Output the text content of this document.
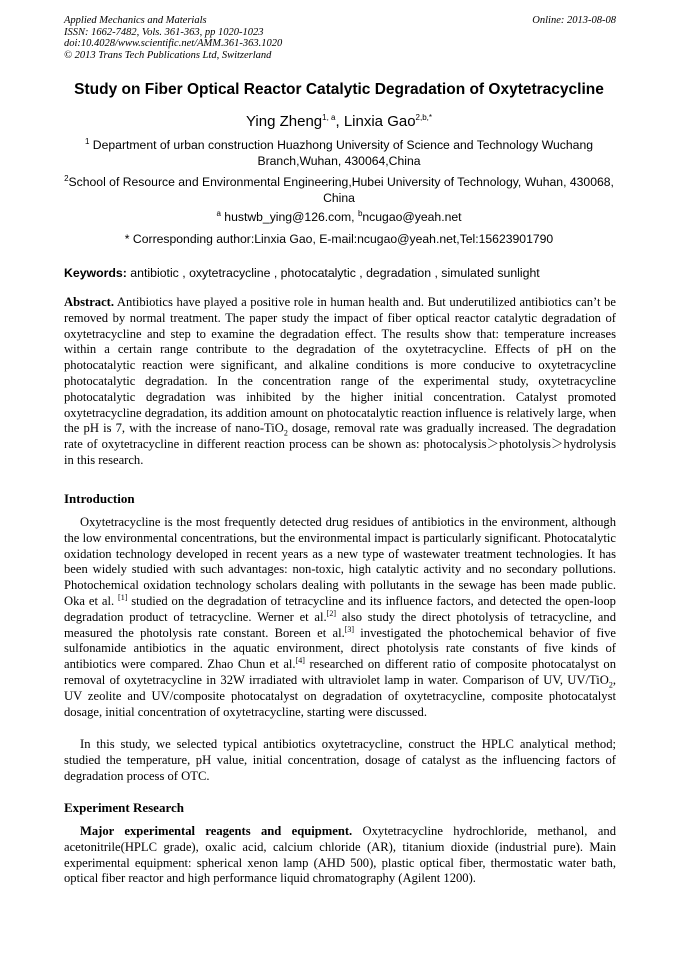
Applied Mechanics and Materials
ISSN: 1662-7482, Vols. 361-363, pp 1020-1023
doi:10.4028/www.scientific.net/AMM.361-363.1020
© 2013 Trans Tech Publications Ltd, Switzerland
Online: 2013-08-08
Study on Fiber Optical Reactor Catalytic Degradation of Oxytetracycline
Ying Zheng$^{1, a}$, Linxia Gao$^{2,b,*}$
$^1$ Department of urban construction Huazhong University of Science and Technology Wuchang Branch,Wuhan, 430064,China
$^2$School of Resource and Environmental Engineering,Hubei University of Technology, Wuhan, 430068, China
$^a$ hustwb_ying@126.com, $^b$ncugao@yeah.net
* Corresponding author:Linxia Gao, E-mail:ncugao@yeah.net,Tel:15623901790
Keywords: antibiotic , oxytetracycline , photocatalytic , degradation , simulated sunlight
Abstract. Antibiotics have played a positive role in human health and. But underutilized antibiotics can’t be removed by normal treatment. The paper study the impact of fiber optical reactor catalytic degradation of oxytetracycline and step to examine the degradation effect. The results show that: temperature increases within a certain range contribute to the degradation of the oxytetracycline. Effects of pH on the photocatalytic reaction were significant, and alkaline conditions is more conducive to oxytetracycline photocatalytic degradation. In the concentration range of the experimental study, oxytetracycline photocatalytic degradation was inhibited by the higher initial concentration. Catalyst promoted oxytetracycline degradation, its addition amount on photocatalytic reaction influence is relatively large, when the pH is 7, with the increase of nano-TiO$_2$ dosage, removal rate was gradually increased. The degradation rate of oxytetracycline in different reaction process can be shown as: photocalysis＞photolysis＞hydrolysis in this research.
Introduction
Oxytetracycline is the most frequently detected drug residues of antibiotics in the environment, although the low environmental concentrations, but the environmental impact is particularly significant. Photocatalytic oxidation technology developed in recent years as a new type of wastewater treatment technologies. It has been widely studied with such advantages: non-toxic, high catalytic activity and no secondary pollutions. Photochemical oxidation technology scholars dealing with pollutants in the sewage has been made public. Oka et al. [1] studied on the degradation of tetracycline and its influence factors, and detected the open-loop degradation product of tetracycline. Werner et al.[2] also study the direct photolysis of tetracycline, and measured the photolysis rate constant. Boreen et al.[3] investigated the photochemical behavior of five sulfonamide antibiotics in the aquatic environment, direct photolysis rate constants of five kinds of antibiotics were compared. Zhao Chun et al.[4] researched on different ratio of composite photocatalyst on removal of oxytetracycline in 32W irradiated with ultraviolet lamp in water. Comparison of UV, UV/TiO$_2$, UV zeolite and UV/composite photocatalyst on degradation of oxytetracycline, composite photocatalyst dosage, initial concentration of oxytetracycline, starting were discussed.
In this study, we selected typical antibiotics oxytetracycline, construct the HPLC analytical method; studied the temperature, pH value, initial concentration, dosage of catalyst as the influencing factors of degradation process of OTC.
Experiment Research
Major experimental reagents and equipment. Oxytetracycline hydrochloride, methanol, and acetonitrile(HPLC grade), oxalic acid, calcium chloride (AR), titanium dioxide (industrial pure). Main experimental equipment: spherical xenon lamp (AHD 500), plastic optical fiber, thermostatic water bath, optical fiber reactor and high performance liquid chromatography (Agilent 1200).
